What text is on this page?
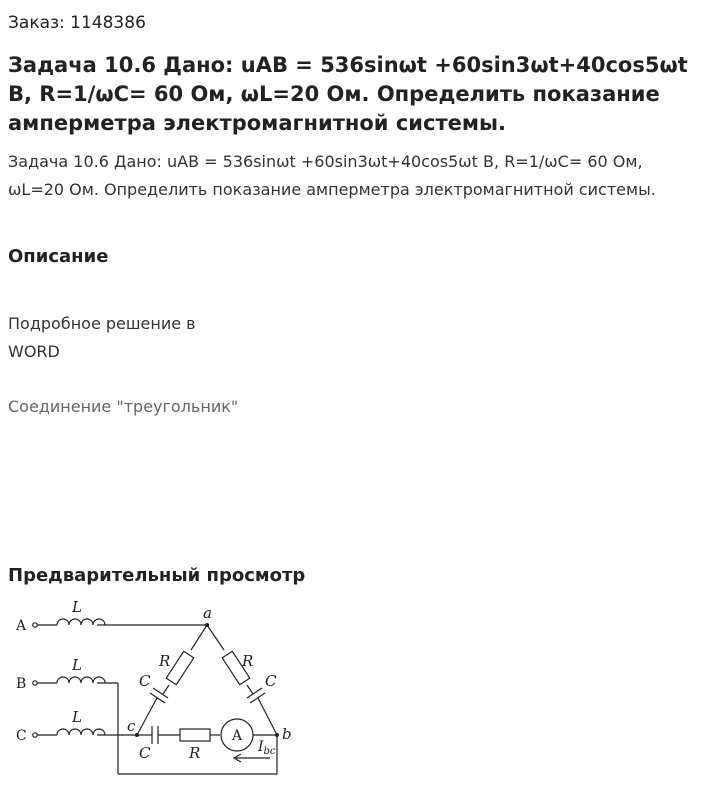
Заказ: 1148386
Задача 10.6 Дано: uAB = 536sinωt +60sin3ωt+40cos5ωt В, R=1/ωC= 60 Ом, ωL=20 Ом. Определить показание амперметра электромагнитной системы.
Задача 10.6 Дано: uAB = 536sinωt +60sin3ωt+40cos5ωt В, R=1/ωC= 60 Ом, ωL=20 Ом. Определить показание амперметра электромагнитной системы.
Описание
Подробное решение в
WORD
Соединение "треугольник"
Предварительный просмотр
A
B
C
L
L
L
a
b
c
R	R
C	C
C	R
A
$I_{bc}$
